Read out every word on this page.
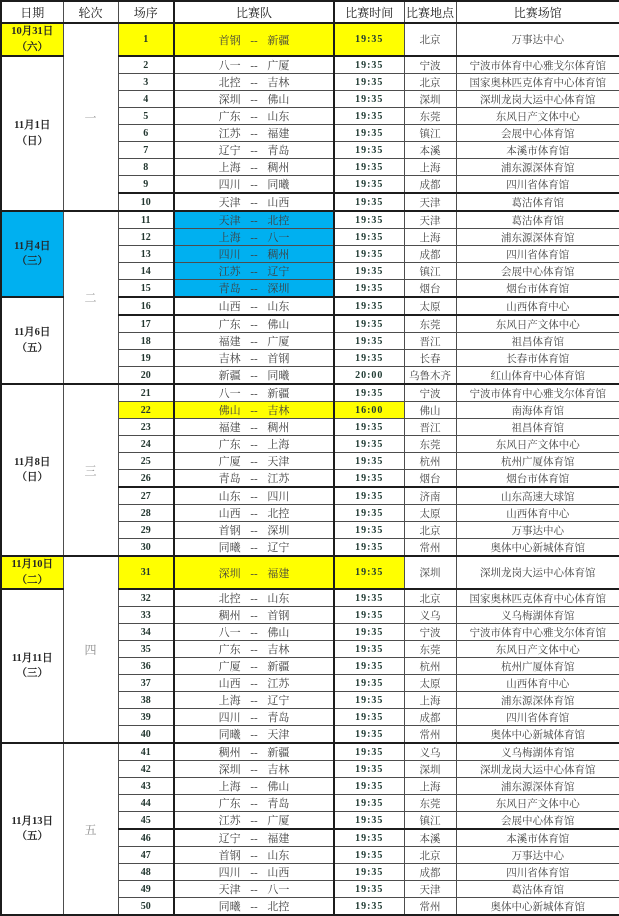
日期	轮次	场序	比赛队	比赛时间	比赛地点	比赛场馆

10月31日
（六）	一	1	首钢 -- 新疆	19:35	北京	万事达中心

11月1日
（日）		2	八一 -- 广厦	19:35	宁波	宁波市体育中心雅戈尔体育馆
		3	北控 -- 吉林	19:35	北京	国家奥林匹克体育中心体育馆
		4	深圳 -- 佛山	19:35	深圳	深圳龙岗大运中心体育馆
		5	广东 -- 山东	19:35	东莞	东风日产文体中心
		6	江苏 -- 福建	19:35	镇江	会展中心体育馆
		7	辽宁 -- 青岛	19:35	本溪	本溪市体育馆
		8	上海 -- 稠州	19:35	上海	浦东源深体育馆
		9	四川 -- 同曦	19:35	成都	四川省体育馆
		10	天津 -- 山西	19:35	天津	葛沽体育馆

11月4日
（三）	二	11	天津 -- 北控	19:35	天津	葛沽体育馆
		12	上海 -- 八一	19:35	上海	浦东源深体育馆
		13	四川 -- 稠州	19:35	成都	四川省体育馆
		14	江苏 -- 辽宁	19:35	镇江	会展中心体育馆
		15	青岛 -- 深圳	19:35	烟台	烟台市体育馆

11月6日
（五）		16	山西 -- 山东	19:35	太原	山西体育中心
		17	广东 -- 佛山	19:35	东莞	东风日产文体中心
		18	福建 -- 广厦	19:35	晋江	祖昌体育馆
		19	吉林 -- 首钢	19:35	长春	长春市体育馆
		20	新疆 -- 同曦	20:00	乌鲁木齐	红山体育中心体育馆

11月8日
（日）	三	21	八一 -- 新疆	19:35	宁波	宁波市体育中心雅戈尔体育馆
		22	佛山 -- 吉林	16:00	佛山	南海体育馆
		23	福建 -- 稠州	19:35	晋江	祖昌体育馆
		24	广东 -- 上海	19:35	东莞	东风日产文体中心
		25	广厦 -- 天津	19:35	杭州	杭州广厦体育馆
		26	青岛 -- 江苏	19:35	烟台	烟台市体育馆
		27	山东 -- 四川	19:35	济南	山东高速大球馆
		28	山西 -- 北控	19:35	太原	山西体育中心
		29	首钢 -- 深圳	19:35	北京	万事达中心
		30	同曦 -- 辽宁	19:35	常州	奥体中心新城体育馆

11月10日
（二）	四	31	深圳 -- 福建	19:35	深圳	深圳龙岗大运中心体育馆

11月11日
（三）		32	北控 -- 山东	19:35	北京	国家奥林匹克体育中心体育馆
		33	稠州 -- 首钢	19:35	义乌	义乌梅湖体育馆
		34	八一 -- 佛山	19:35	宁波	宁波市体育中心雅戈尔体育馆
		35	广东 -- 吉林	19:35	东莞	东风日产文体中心
		36	广厦 -- 新疆	19:35	杭州	杭州广厦体育馆
		37	山西 -- 江苏	19:35	太原	山西体育中心
		38	上海 -- 辽宁	19:35	上海	浦东源深体育馆
		39	四川 -- 青岛	19:35	成都	四川省体育馆
		40	同曦 -- 天津	19:35	常州	奥体中心新城体育馆

11月13日
（五）	五	41	稠州 -- 新疆	19:35	义乌	义乌梅湖体育馆
		42	深圳 -- 吉林	19:35	深圳	深圳龙岗大运中心体育馆
		43	上海 -- 佛山	19:35	上海	浦东源深体育馆
		44	广东 -- 青岛	19:35	东莞	东风日产文体中心
		45	江苏 -- 广厦	19:35	镇江	会展中心体育馆
		46	辽宁 -- 福建	19:35	本溪	本溪市体育馆
		47	首钢 -- 山东	19:35	北京	万事达中心
		48	四川 -- 山西	19:35	成都	四川省体育馆
		49	天津 -- 八一	19:35	天津	葛沽体育馆
		50	同曦 -- 北控	19:35	常州	奥体中心新城体育馆
